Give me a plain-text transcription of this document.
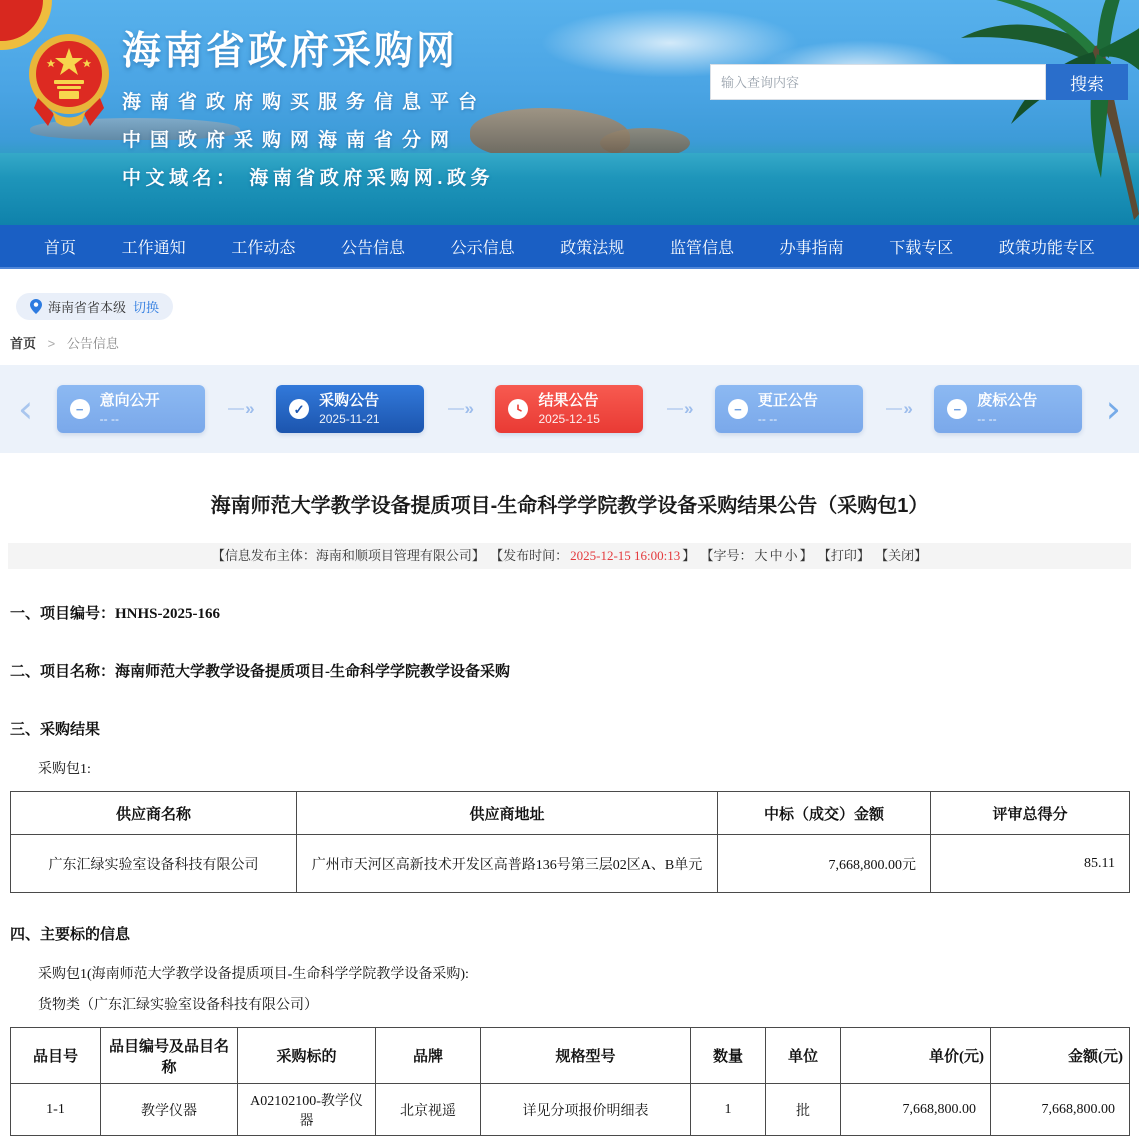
海南省政府采购网
海南省政府购买服务信息平台
中国政府采购网海南省分网
中文域名： 海南省政府采购网.政务
输入查询内容
搜索
首页	工作通知	工作动态	公告信息	公示信息	政策法规	监管信息	办事指南	下载专区	政策功能专区
海南省省本级 切换
首页 > 公告信息
‹	− 意向公开
-- --
»	✓ 采购公告
2025-11-21
»	结果公告
2025-12-15
»	− 更正公告
-- --
»	− 废标公告
-- --	›
海南师范大学教学设备提质项目-生命科学学院教学设备采购结果公告（采购包1）
【信息发布主体：海南和顺项目管理有限公司】 【发布时间： 2025-12-15 16:00:13 】 【字号： 大 中 小 】 【打印】 【关闭】

一、项目编号：HNHS-2025-166

二、项目名称：海南师范大学教学设备提质项目-生命科学学院教学设备采购

三、采购结果

采购包1:

供应商名称	供应商地址	中标（成交）金额	评审总得分
广东汇绿实验室设备科技有限公司	广州市天河区高新技术开发区高普路136号第三层02区A、B单元	7,668,800.00元	85.11

四、主要标的信息

采购包1(海南师范大学教学设备提质项目-生命科学学院教学设备采购):

货物类（广东汇绿实验室设备科技有限公司）

品目号	品目编号及品目名称	采购标的	品牌	规格型号	数量	单位	单价(元)	金额(元)
1-1	教学仪器	A02102100-教学仪器	北京视遥	详见分项报价明细表	1	批	7,668,800.00	7,668,800.00
